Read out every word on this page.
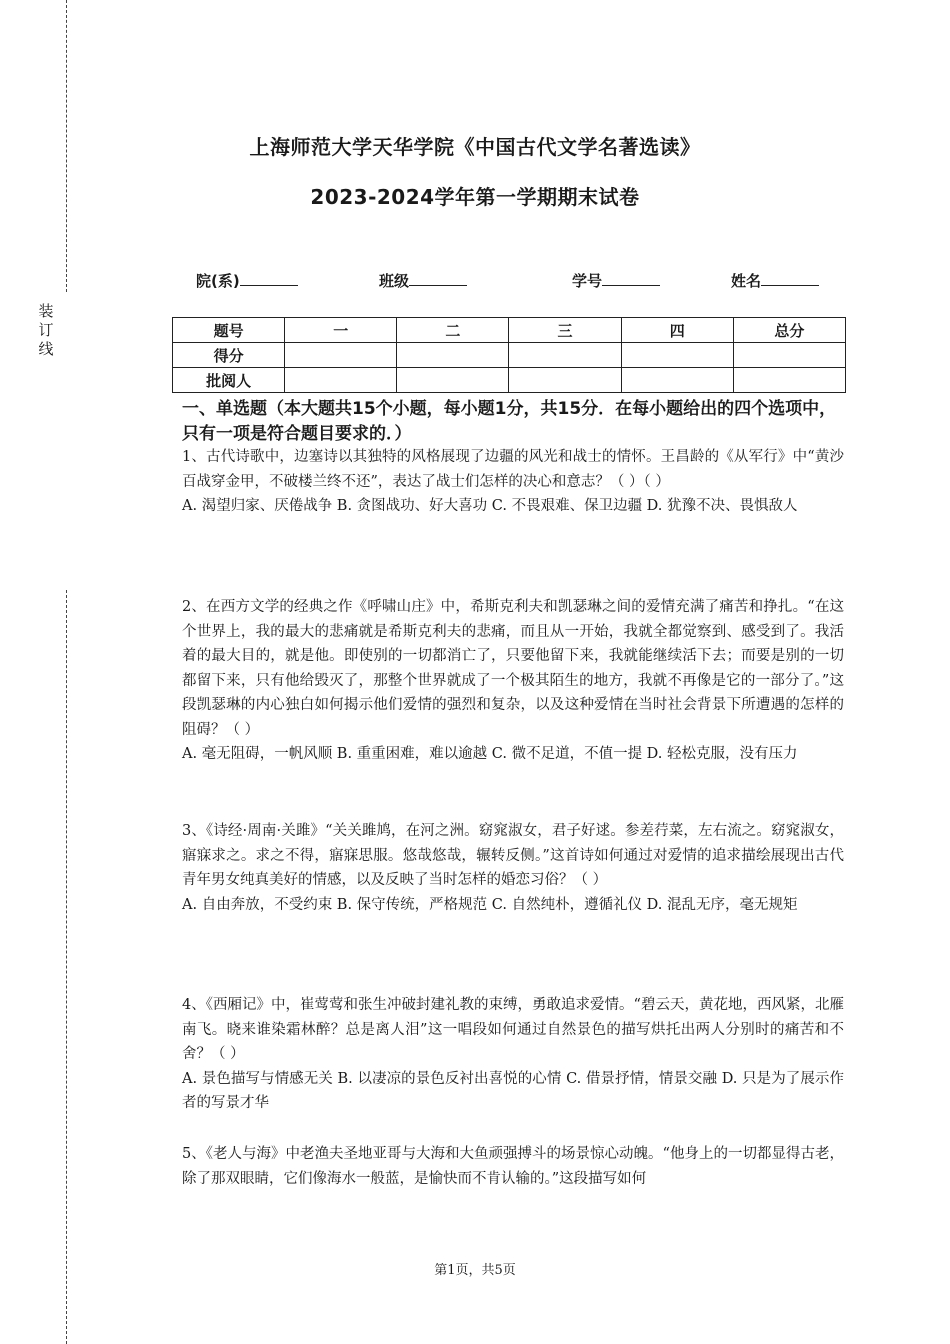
装
订
线
上海师范大学天华学院《中国古代文学名著选读》
2023-2024学年第一学期期末试卷
院(系)	班级	学号	姓名
题号	一	二	三	四	总分
得分					
批阅人					
一、单选题（本大题共15个小题，每小题1分，共15分．在每小题给出的四个选项中，只有一项是符合题目要求的．）

1、古代诗歌中，边塞诗以其独特的风格展现了边疆的风光和战士的情怀。王昌龄的《从军行》中“黄沙百战穿金甲，不破楼兰终不还”，表达了战士们怎样的决心和意志？（ ）（ ）

A. 渴望归家、厌倦战争 B. 贪图战功、好大喜功 C. 不畏艰难、保卫边疆 D. 犹豫不决、畏惧敌人

2、在西方文学的经典之作《呼啸山庄》中，希斯克利夫和凯瑟琳之间的爱情充满了痛苦和挣扎。“在这个世界上，我的最大的悲痛就是希斯克利夫的悲痛，而且从一开始，我就全都觉察到、感受到了。我活着的最大目的，就是他。即使别的一切都消亡了，只要他留下来，我就能继续活下去；而要是别的一切都留下来，只有他给毁灭了，那整个世界就成了一个极其陌生的地方，我就不再像是它的一部分了。”这段凯瑟琳的内心独白如何揭示他们爱情的强烈和复杂，以及这种爱情在当时社会背景下所遭遇的怎样的阻碍？（ ）

A. 毫无阻碍，一帆风顺 B. 重重困难，难以逾越 C. 微不足道，不值一提 D. 轻松克服，没有压力

3、《诗经·周南·关雎》“关关雎鸠，在河之洲。窈窕淑女，君子好逑。参差荇菜，左右流之。窈窕淑女，寤寐求之。求之不得，寤寐思服。悠哉悠哉，辗转反侧。”这首诗如何通过对爱情的追求描绘展现出古代青年男女纯真美好的情感，以及反映了当时怎样的婚恋习俗？（ ）

A. 自由奔放，不受约束 B. 保守传统，严格规范 C. 自然纯朴，遵循礼仪 D. 混乱无序，毫无规矩

4、《西厢记》中，崔莺莺和张生冲破封建礼教的束缚，勇敢追求爱情。“碧云天，黄花地，西风紧，北雁南飞。晓来谁染霜林醉？总是离人泪”这一唱段如何通过自然景色的描写烘托出两人分别时的痛苦和不舍？（ ）

A. 景色描写与情感无关 B. 以凄凉的景色反衬出喜悦的心情 C. 借景抒情，情景交融 D. 只是为了展示作者的写景才华

5、《老人与海》中老渔夫圣地亚哥与大海和大鱼顽强搏斗的场景惊心动魄。“他身上的一切都显得古老，除了那双眼睛，它们像海水一般蓝，是愉快而不肯认输的。”这段描写如何

第1页，共5页
